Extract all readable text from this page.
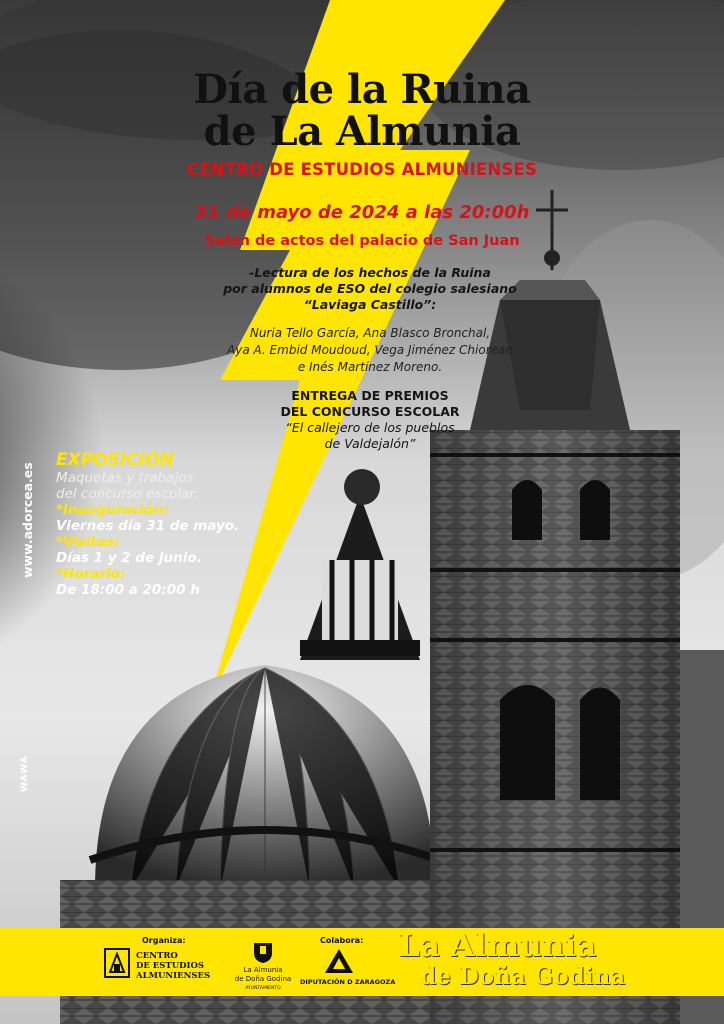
Día de la Ruina
de La Almunia
CENTRO DE ESTUDIOS ALMUNIENSES
31 de mayo de 2024 a las 20:00h
Salón de actos del palacio de San Juan
-Lectura de los hechos de la Ruina
por alumnos de ESO del colegio salesiano
“Laviaga Castillo”:
Nuria Tello García, Ana Blasco Bronchal,
Aya A. Embid Moudoud, Vega Jiménez Chiorean
e Inés Martínez Moreno.
ENTREGA DE PREMIOS
DEL CONCURSO ESCOLAR
“El callejero de los pueblos
de Valdejalón”
EXPOSICIÓN
Maquetas y trabajos
del concurso escolar.
*Inauguración:
Viernes día 31 de mayo.
*Visitas:
Días 1 y 2 de junio.
*Horario:
De 18:00 a 20:00 h
www.adorcea.es
WAWA
Organiza:
CENTRO
DE ESTUDIOS
ALMUNIENSES
La Almunia
de Doña Godina
AYUNTAMIENTO
Colabora:
DIPUTACIÓN D ZARAGOZA
La Almunia
de Doña Godina
